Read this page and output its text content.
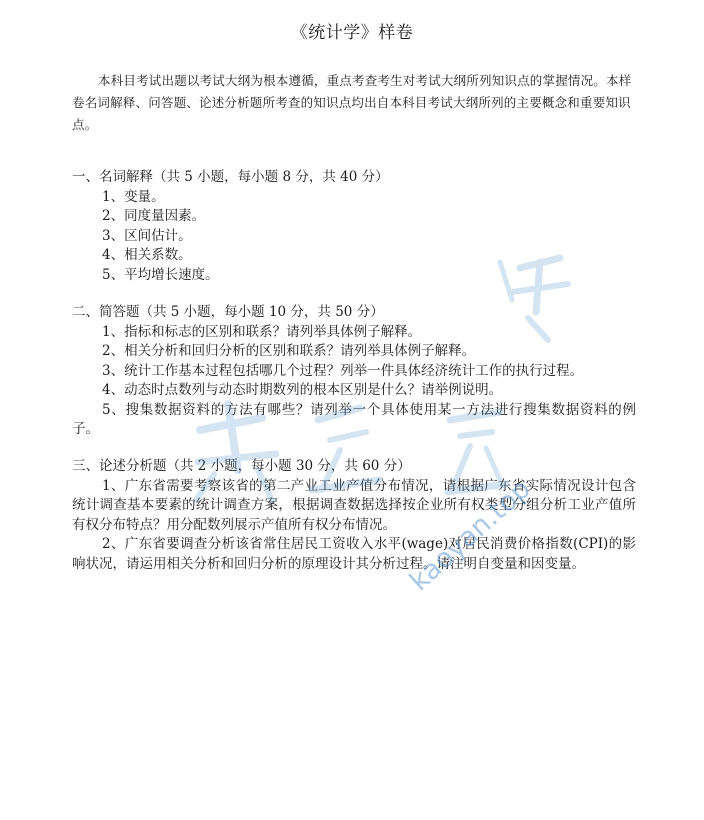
《统计学》样卷
本科目考试出题以考试大纲为根本遵循，重点考查考生对考试大纲所列知识点的掌握情况。本样卷名词解释、问答题、论述分析题所考查的知识点均出自本科目考试大纲所列的主要概念和重要知识点。

一、名词解释（共 5 小题，每小题 8 分，共 40 分）

1、变量。

2、同度量因素。

3、区间估计。

4、相关系数。

5、平均增长速度。

二、简答题（共 5 小题，每小题 10 分，共 50 分）

1、指标和标志的区别和联系？请列举具体例子解释。

2、相关分析和回归分析的区别和联系？请列举具体例子解释。

3、统计工作基本过程包括哪几个过程？列举一件具体经济统计工作的执行过程。

4、动态时点数列与动态时期数列的根本区别是什么？请举例说明。

5、搜集数据资料的方法有哪些？请列举一个具体使用某一方法进行搜集数据资料的例子。

三、论述分析题（共 2 小题，每小题 30 分，共 60 分）

1、广东省需要考察该省的第二产业工业产值分布情况，请根据广东省实际情况设计包含统计调查基本要素的统计调查方案，根据调查数据选择按企业所有权类型分组分析工业产值所有权分布特点？用分配数列展示产值所有权分布情况。

2、广东省要调查分析该省常住居民工资收入水平(wage)对居民消费价格指数(CPI)的影响状况，请运用相关分析和回归分析的原理设计其分析过程。请注明自变量和因变量。

kaoyan.top
